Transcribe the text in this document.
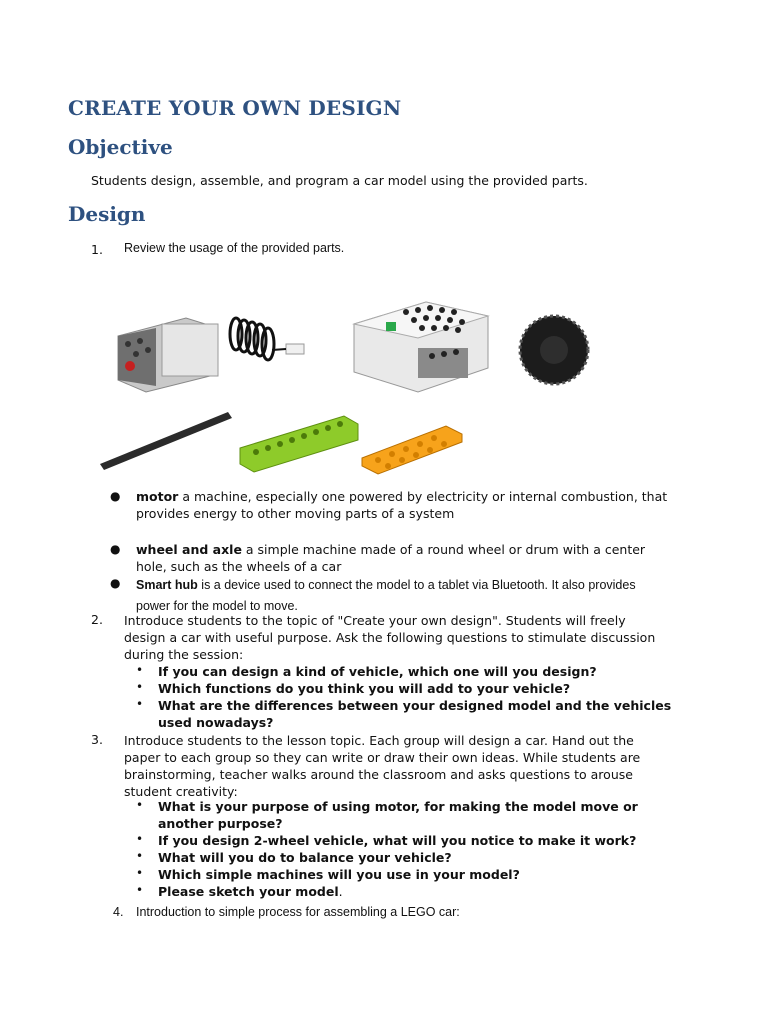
CREATE YOUR OWN DESIGN
Objective
Students design, assemble, and program a car model using the provided parts.
Design
1. Review the usage of the provided parts.
● motor a machine, especially one powered by electricity or internal combustion, that provides energy to other moving parts of a system
● wheel and axle a simple machine made of a round wheel or drum with a center hole, such as the wheels of a car
● Smart hub is a device used to connect the model to a tablet via Bluetooth. It also provides power for the model to move.
2. Introduce students to the topic of "Create your own design". Students will freely design a car with useful purpose. Ask the following questions to stimulate discussion during the session:
• If you can design a kind of vehicle, which one will you design?
• Which functions do you think you will add to your vehicle?
• What are the differences between your designed model and the vehicles used nowadays?
3. Introduce students to the lesson topic. Each group will design a car. Hand out the paper to each group so they can write or draw their own ideas. While students are brainstorming, teacher walks around the classroom and asks questions to arouse student creativity:
• What is your purpose of using motor, for making the model move or another purpose?
• If you design 2-wheel vehicle, what will you notice to make it work?
• What will you do to balance your vehicle?
• Which simple machines will you use in your model?
• Please sketch your model.
4. Introduction to simple process for assembling a LEGO car:
